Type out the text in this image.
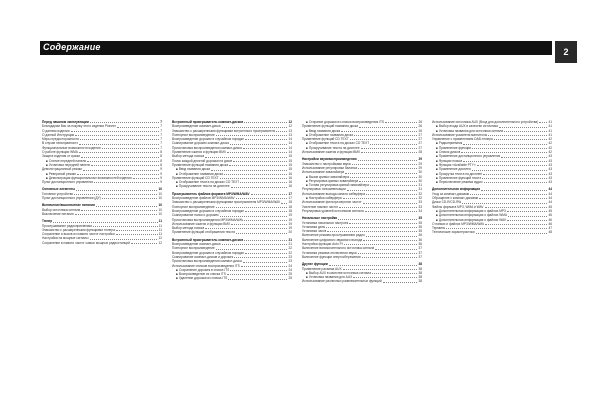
Содержание	2
Перед началом эксплуатации	7
Благодарим Вас за покупку этого изделия Pioneer	7
О данном изделии	7
О данной Инструкции	7
Меры предосторожности	7
В случае неисправности	7
Функциональные возможности изделия	7
О работе функции WMA	8
Защита изделия от кражи	8
■ Снятие передней панели	8
■ Установка передней панели	8
Демонстрационный режим	9
■ Реверсный режим	9
■ Демонстрация функциональных возможностей изделия	9
Пульт дистанционного управления	9
Основные элементы	10
Головное устройство	10
Пульт дистанционного управления (ДУ)	10
Включение/выключение питания	10
Выбор источника сигнала	10
Выключение питания	10
Тюнер	11
Прослушивание радиоприемника	11
Знакомство с расширенными функциями тюнера	11
Сохранение и вызов из памяти частот настройки	11
Настройка на мощные сигналы	12
Сохранение в памяти частот самых мощных радиостанций	12
Встроенный проигрыватель компакт-дисков	12
Воспроизведение компакт-диска	12
Знакомство с расширенными функциями встроенного проигрывателя	13
Повторное воспроизведение	13
Воспроизведение дорожек в случайном порядке	14
Сканирование дорожек компакт-диска	14
Приостановка воспроизведения компакт-диска	14
Применение сжатия и функции ВМХ	14
Выбор метода поиска	15
Поиск каждой десятой дорожки на диске	15
Применение функций названия диска	15
■ Ввод названия диска	15
■ Отображение названия диска	16
Применение функций CD TEXT	16
■ Отображение текста на дисках CD TEXT	16
■ Прокручивание текста на дисплее	16
Проигрыватель файлов формата MP3/WMA/WAV	17
Воспроизведение файлов MP3/WMA/WAV	17
Знакомство с расширенными функциями проигрывателя MP3/WMA/WAV	18
Повторное воспроизведение	18
Воспроизведение дорожек в случайном порядке	18
Сканирование папок и дорожек	19
Приостановка воспроизведения MP3/WMA/WAV	19
Использование сжатия и функции ВМХ	19
Выбор метода поиска	19
Применение функций отображения текста	20
Встроенный проигрыватель компакт-дисков	21
Воспроизведение компакт-диска	21
Повторное воспроизведение	22
Воспроизведение дорожек в случайном порядке	22
Сканирование компакт-дисков и дорожек	23
Приостановка воспроизведения компакт-диска	23
Использование списков воспроизведения ITS	24
■ Сохранение дорожек в списке ITS	24
■ Воспроизведение из списка ITS	25
■ Удаление дорожки из списка ITS	25
■ Стирание дорожки из списка воспроизведения ITS	26
Применение функций названия диска	26
■ Ввод названия диска	26
■ Отображение названия диска	27
Применение функций CD TEXT	27
■ Отображение текста на дисках CD TEXT	27
■ Прокручивание текста на дисплее	27
Использование сжатия и функции ВМХ	28
Настройки звуковоспроизведения	29
Знакомство с настройками звука	29
Использование регулировки баланса	29
Использование эквалайзера	30
■ Вызов кривых эквалайзера	30
■ Регулировка кривых эквалайзера	30
■ Точная регулировка кривой эквалайзера	31
Регулировка тонкомпенсации	31
Использование выхода канала сабвуфера	32
■ Настройка сабвуфера	32
Использование фильтра верхних частот	33
Усиление нижних частот	33
Регулировка уровней источников сигнала	34
Начальные настройки	35
Установка начальных настроек	35
Установка даты	35
Установка часов	35
Включение режима прослушивания радио	36
Включение цифрового звукового выхода	36
Настройка функции Auto PI	36
Включение вспомогательного источника сигнала	37
Установка режима отключения звука	37
Включение функции энергосбережения	37
Другие функции	38
Применение разъема AUX	38
■ Выбор AUX в качестве источника сигнала	38
■ Установка названия для AUX	38
Использование различных развлекательных функций	38
Использование источника AUX (Вход для дополнительного устройства)	41
■ Выбор входа AUX в качестве источника	41
■ Установка названия для источника сигнала	41
Использование указателя магнитолы	41
Управление с применением DAB-тюнера	42
■ Радиоприемник	42
■ Применение функции	42
■ Список дисков	42
■ Применение дистанционного управления	43
■ Функции поиска	43
■ Функция «Available PTY»	43
■ Применение дисплея	43
■ Прокрутка текста на дисплее	43
■ Применение функций текста	43
■ Переключение режима аудио	43
Дополнительная информация	44
Уход за компакт-дисками	44
Обращение с компакт-дисками	44
Диски CD-R/CD-RW	44
Файлы формата MP3, WMA и WAV	45
■ Дополнительная информация о файлах MP3	45
■ Дополнительная информация о файлах WMA	46
■ Дополнительная информация о файлах WAV	46
О папках и файлах MP3/WMA/WAV	46
Термины	47
Технические характеристики	48
